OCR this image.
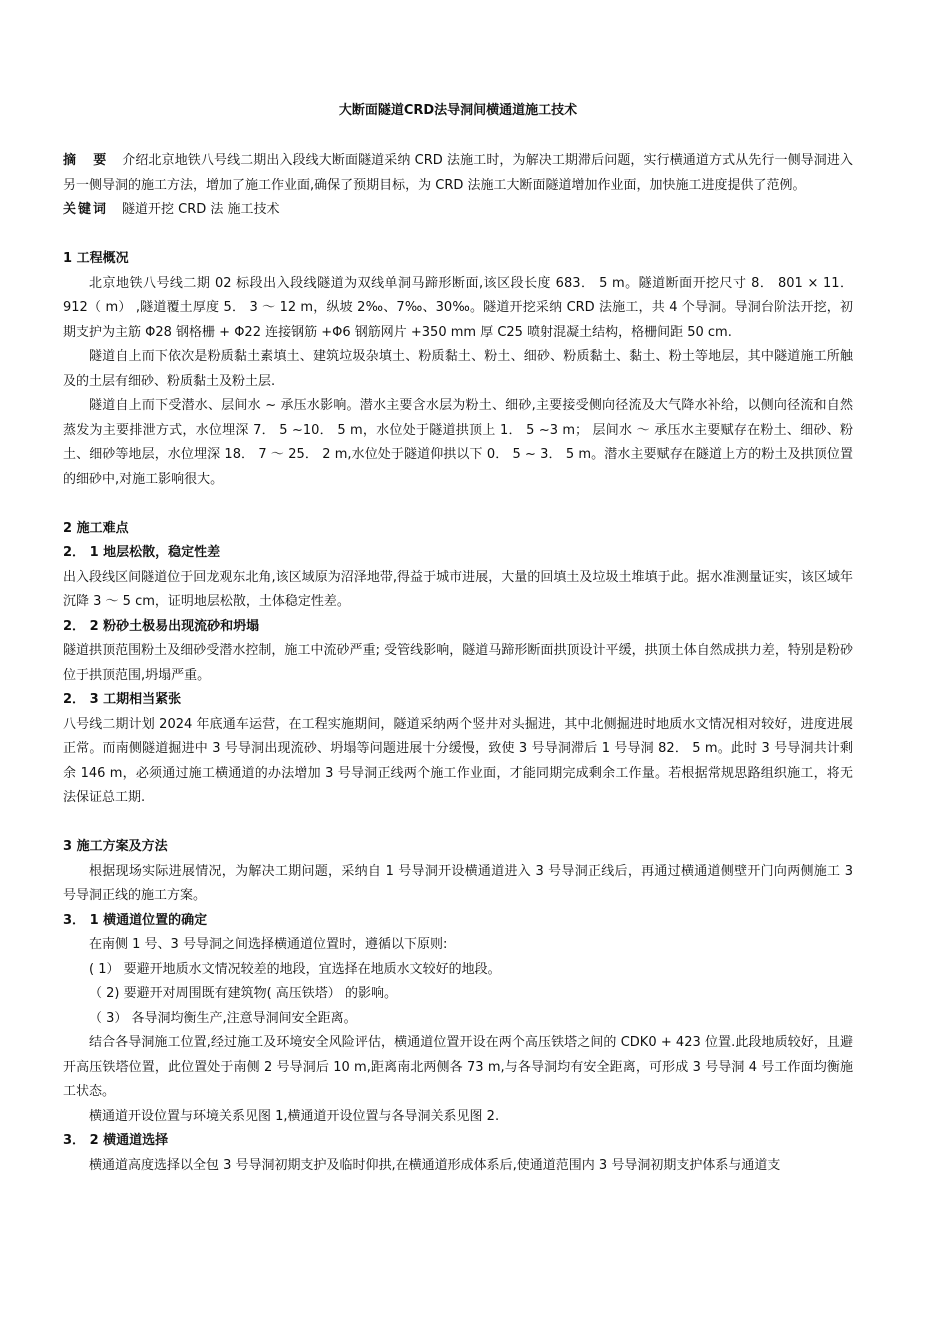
大断面隧道CRD法导洞间横通道施工技术

摘　要 介绍北京地铁八号线二期出入段线大断面隧道采纳 CRD 法施工时，为解决工期滞后问题，实行横通道方式从先行一侧导洞进入另一侧导洞的施工方法，增加了施工作业面,确保了预期目标，为 CRD 法施工大断面隧道增加作业面，加快施工进度提供了范例。

关键词 隧道开挖 CRD 法 施工技术

1 工程概况

北京地铁八号线二期 02 标段出入段线隧道为双线单洞马蹄形断面,该区段长度 683． 5 m。隧道断面开挖尺寸 8． 801 × 11． 912（ m） ,隧道覆土厚度 5． 3 ～ 12 m，纵坡 2‰、7‰、30‰。隧道开挖采纳 CRD 法施工，共 4 个导洞。导洞台阶法开挖，初期支护为主筋 Φ28 钢格栅 + Φ22 连接钢筋 +Φ6 钢筋网片 +350 mm 厚 C25 喷射混凝土结构，格栅间距 50 cm.

隧道自上而下依次是粉质黏土素填土、建筑垃圾杂填土、粉质黏土、粉土、细砂、粉质黏土、黏土、粉土等地层，其中隧道施工所触及的土层有细砂、粉质黏土及粉土层.

隧道自上而下受潜水、层间水 ~ 承压水影响。潜水主要含水层为粉土、细砂,主要接受侧向径流及大气降水补给，以侧向径流和自然蒸发为主要排泄方式，水位埋深 7． 5 ~10． 5 m，水位处于隧道拱顶上 1． 5 ~3 m； 层间水 ～ 承压水主要赋存在粉土、细砂、粉土、细砂等地层，水位埋深 18． 7 ～ 25． 2 m,水位处于隧道仰拱以下 0． 5 ~ 3． 5 m。潜水主要赋存在隧道上方的粉土及拱顶位置的细砂中,对施工影响很大。

2 施工难点

2． 1 地层松散，稳定性差

出入段线区间隧道位于回龙观东北角,该区域原为沼泽地带,得益于城市进展，大量的回填土及垃圾土堆填于此。据水准测量证实，该区域年沉降 3 ～ 5 cm，证明地层松散，土体稳定性差。

2． 2 粉砂土极易出现流砂和坍塌

隧道拱顶范围粉土及细砂受潜水控制，施工中流砂严重; 受管线影响，隧道马蹄形断面拱顶设计平缓，拱顶土体自然成拱力差，特别是粉砂位于拱顶范围,坍塌严重。

2． 3 工期相当紧张

八号线二期计划 2024 年底通车运营，在工程实施期间，隧道采纳两个竖井对头掘进，其中北侧掘进时地质水文情况相对较好，进度进展正常。而南侧隧道掘进中 3 号导洞出现流砂、坍塌等问题进展十分缓慢，致使 3 号导洞滞后 1 号导洞 82． 5 m。此时 3 号导洞共计剩余 146 m，必须通过施工横通道的办法增加 3 号导洞正线两个施工作业面，才能同期完成剩余工作量。若根据常规思路组织施工，将无法保证总工期.

3 施工方案及方法

根据现场实际进展情况，为解决工期问题，采纳自 1 号导洞开设横通道进入 3 号导洞正线后，再通过横通道侧壁开门向两侧施工 3 号导洞正线的施工方案。

3． 1 横通道位置的确定

在南侧 1 号、3 号导洞之间选择横通道位置时，遵循以下原则:

( 1） 要避开地质水文情况较差的地段，宜选择在地质水文较好的地段。

（ 2) 要避开对周围既有建筑物( 高压铁塔） 的影响。

（ 3） 各导洞均衡生产,注意导洞间安全距离。

结合各导洞施工位置,经过施工及环境安全风险评估，横通道位置开设在两个高压铁塔之间的 CDK0 + 423 位置.此段地质较好，且避开高压铁塔位置，此位置处于南侧 2 号导洞后 10 m,距离南北两侧各 73 m,与各导洞均有安全距离，可形成 3 号导洞 4 号工作面均衡施工状态。

横通道开设位置与环境关系见图 1,横通道开设位置与各导洞关系见图 2.

3． 2 横通道选择

横通道高度选择以全包 3 号导洞初期支护及临时仰拱,在横通道形成体系后,使通道范围内 3 号导洞初期支护体系与通道支
